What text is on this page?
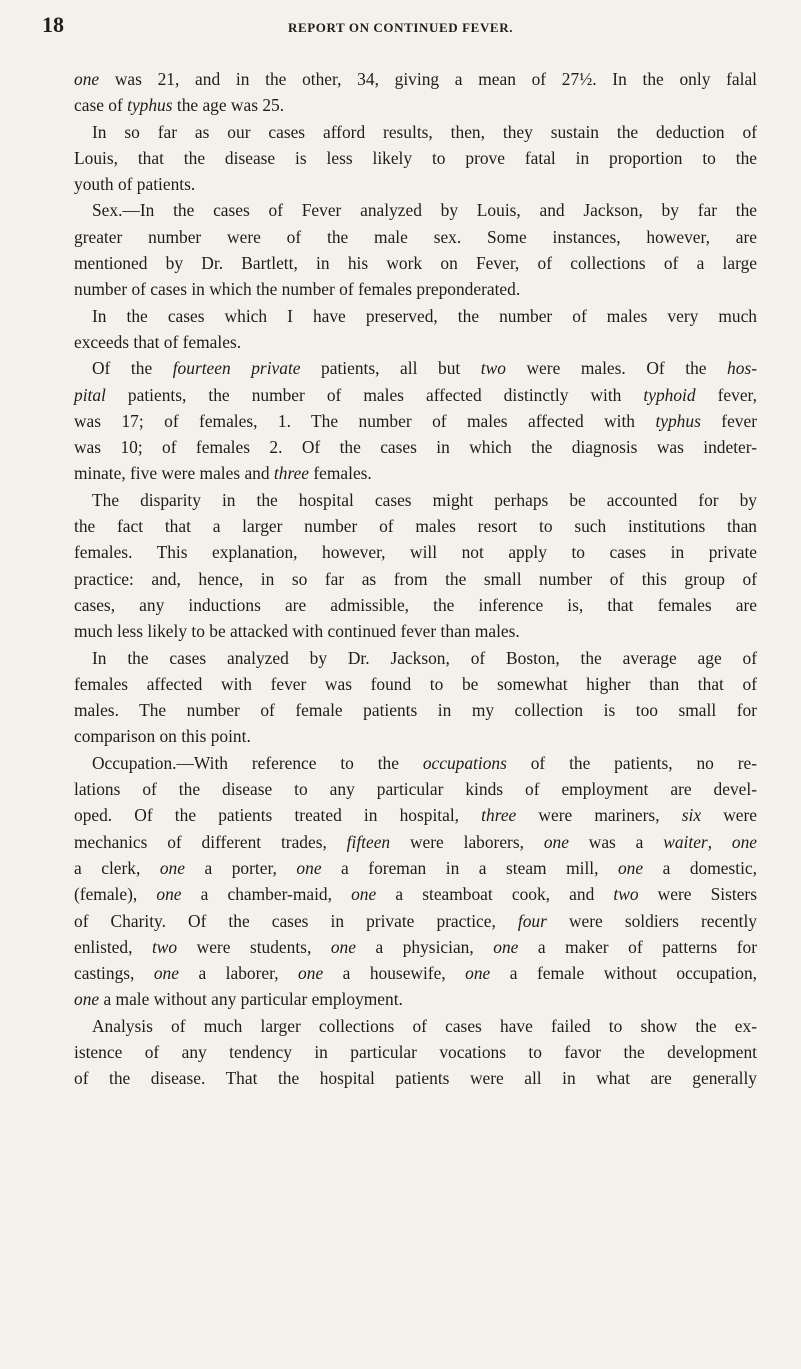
18	REPORT ON CONTINUED FEVER.

one was 21, and in the other, 34, giving a mean of 27½. In the only falal

case of typhus the age was 25.

In so far as our cases afford results, then, they sustain the deduction of

Louis, that the disease is less likely to prove fatal in proportion to the

youth of patients.

Sex.—In the cases of Fever analyzed by Louis, and Jackson, by far the

greater number were of the male sex. Some instances, however, are

mentioned by Dr. Bartlett, in his work on Fever, of collections of a large

number of cases in which the number of females preponderated.

In the cases which I have preserved, the number of males very much

exceeds that of females.

Of the fourteen private patients, all but two were males. Of the hos-

pital patients, the number of males affected distinctly with typhoid fever,

was 17; of females, 1. The number of males affected with typhus fever

was 10; of females 2. Of the cases in which the diagnosis was indeter-

minate, five were males and three females.

The disparity in the hospital cases might perhaps be accounted for by

the fact that a larger number of males resort to such institutions than

females. This explanation, however, will not apply to cases in private

practice: and, hence, in so far as from the small number of this group of

cases, any inductions are admissible, the inference is, that females are

much less likely to be attacked with continued fever than males.

In the cases analyzed by Dr. Jackson, of Boston, the average age of

females affected with fever was found to be somewhat higher than that of

males. The number of female patients in my collection is too small for

comparison on this point.

Occupation.—With reference to the occupations of the patients, no re-

lations of the disease to any particular kinds of employment are devel-

oped. Of the patients treated in hospital, three were mariners, six were

mechanics of different trades, fifteen were laborers, one was a waiter, one

a clerk, one a porter, one a foreman in a steam mill, one a domestic,

(female), one a chamber-maid, one a steamboat cook, and two were Sisters

of Charity. Of the cases in private practice, four were soldiers recently

enlisted, two were students, one a physician, one a maker of patterns for

castings, one a laborer, one a housewife, one a female without occupation,

one a male without any particular employment.

Analysis of much larger collections of cases have failed to show the ex-

istence of any tendency in particular vocations to favor the development

of the disease. That the hospital patients were all in what are generally
